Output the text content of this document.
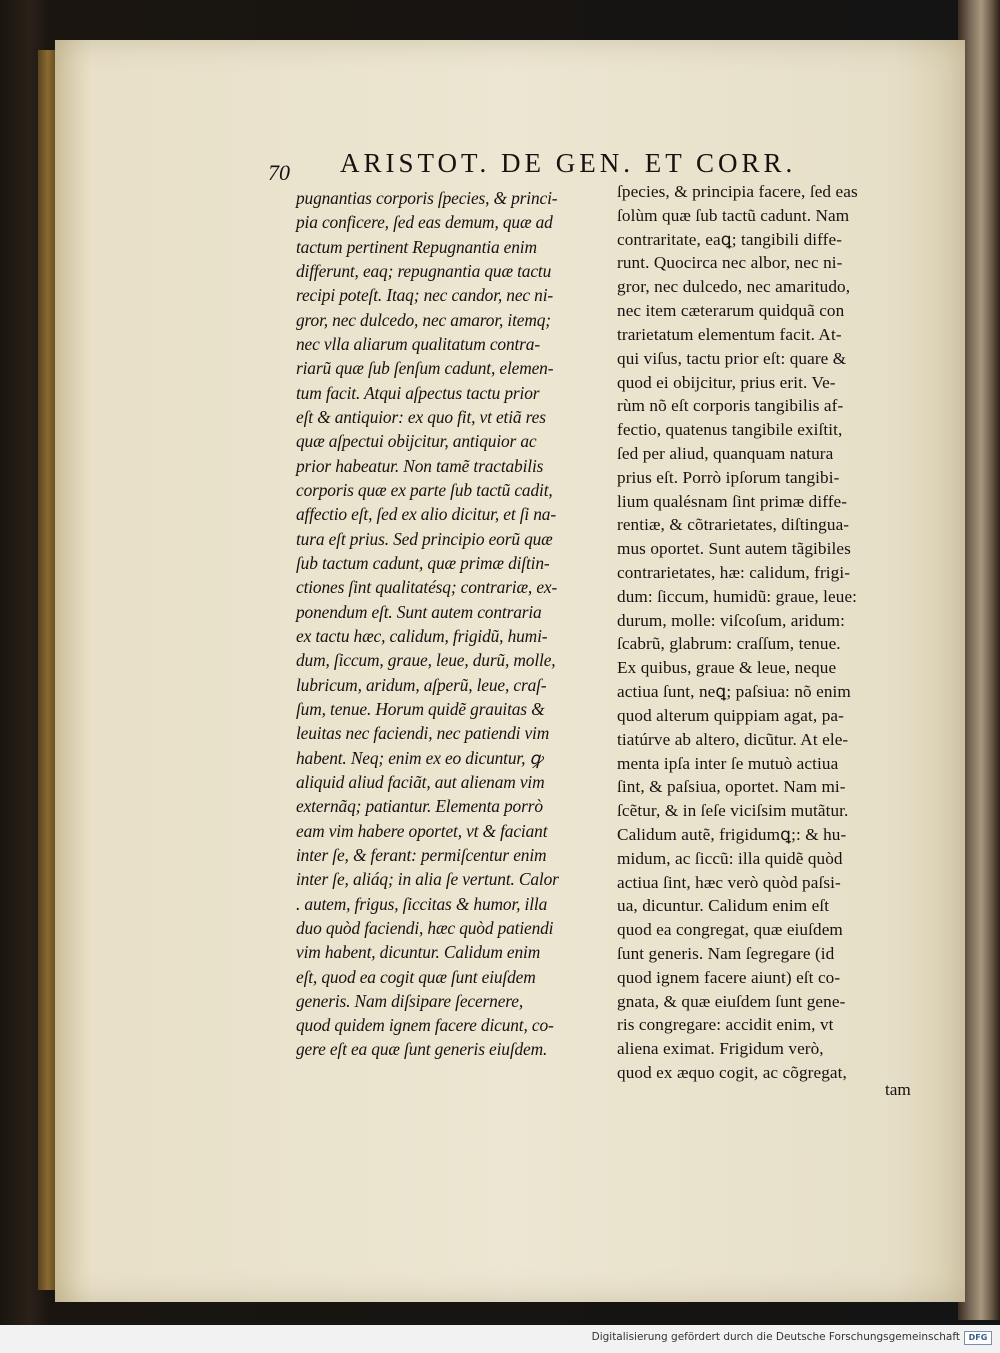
70 ARISTOT. DE GEN. ET CORR.

pugnantias corporis ſpecies, & princi-
pia conficere, ſed eas demum, quæ ad
tactum pertinent Repugnantia enim
differunt, eaq; repugnantia quæ tactu
recipi poteſt. Itaq; nec candor, nec ni-
gror, nec dulcedo, nec amaror, itemq;
nec vlla aliarum qualitatum contra-
riarũ quæ ſub ſenſum cadunt, elemen-
tum facit. Atqui aſpectus tactu prior
eſt & antiquior: ex quo fit, vt etiã res
quæ aſpectui obijcitur, antiquior ac
prior habeatur. Non tamẽ tractabilis
corporis quæ ex parte ſub tactũ cadit,
affectio eſt, ſed ex alio dicitur, et ſi na-
tura eſt prius. Sed principio eorũ quæ
ſub tactum cadunt, quæ primæ diſtin-
ctiones ſint qualitatésq; contrariæ, ex-
ponendum eſt. Sunt autem contraria
ex tactu hæc, calidum, frigidũ, humi-
dum, ſiccum, graue, leue, durũ, molle,
lubricum, aridum, aſperũ, leue, craſ-
ſum, tenue. Horum quidẽ grauitas &
leuitas nec faciendi, nec patiendi vim
habent. Neq; enim ex eo dicuntur, ꝙ
aliquid aliud faciãt, aut alienam vim
externãq; patiantur. Elementa porrò
eam vim habere oportet, vt & faciant
inter ſe, & ferant: permiſcentur enim
inter ſe, aliáq; in alia ſe vertunt. Calor
. autem, frigus, ſiccitas & humor, illa
duo quòd faciendi, hæc quòd patiendi
vim habent, dicuntur. Calidum enim
eſt, quod ea cogit quæ ſunt eiuſdem
generis. Nam diſsipare ſecernere,
quod quidem ignem facere dicunt, co-
gere eſt ea quæ ſunt generis eiuſdem.
ſpecies, & principia facere, ſed eas
ſolùm quæ ſub tactũ cadunt. Nam
contraritate, eaꝗ; tangibili diffe-
runt. Quocirca nec albor, nec ni-
gror, nec dulcedo, nec amaritudo,
nec item cæterarum quidquã con
trarietatum elementum facit. At-
qui viſus, tactu prior eſt: quare &
quod ei obijcitur, prius erit. Ve-
rùm nõ eſt corporis tangibilis af-
fectio, quatenus tangibile exiſtit,
ſed per aliud, quanquam natura
prius eſt. Porrò ipſorum tangibi-
lium qualésnam ſint primæ diffe-
rentiæ, & cõtrarietates, diſtingua-
mus oportet. Sunt autem tãgibiles
contrarietates, hæ: calidum, frigi-
dum: ſiccum, humidũ: graue, leue:
durum, molle: viſcoſum, aridum:
ſcabrũ, glabrum: craſſum, tenue.
Ex quibus, graue & leue, neque
actiua ſunt, neꝗ; paſsiua: nõ enim
quod alterum quippiam agat, pa-
tiatúrve ab altero, dicũtur. At ele-
menta ipſa inter ſe mutuò actiua
ſint, & paſsiua, oportet. Nam mi-
ſcẽtur, & in ſeſe viciſsim mutãtur.
Calidum autẽ, frigidumꝗ;: & hu-
midum, ac ſiccũ: illa quidẽ quòd
actiua ſint, hæc verò quòd paſsi-
ua, dicuntur. Calidum enim eſt
quod ea congregat, quæ eiuſdem
ſunt generis. Nam ſegregare (id
quod ignem facere aiunt) eſt co-
gnata, & quæ eiuſdem ſunt gene-
ris congregare: accidit enim, vt
aliena eximat. Frigidum verò,
quod ex æquo cogit, ac cõgregat,

tam

Digitalisierung gefördert durch die Deutsche Forschungsgemeinschaft	DFG
